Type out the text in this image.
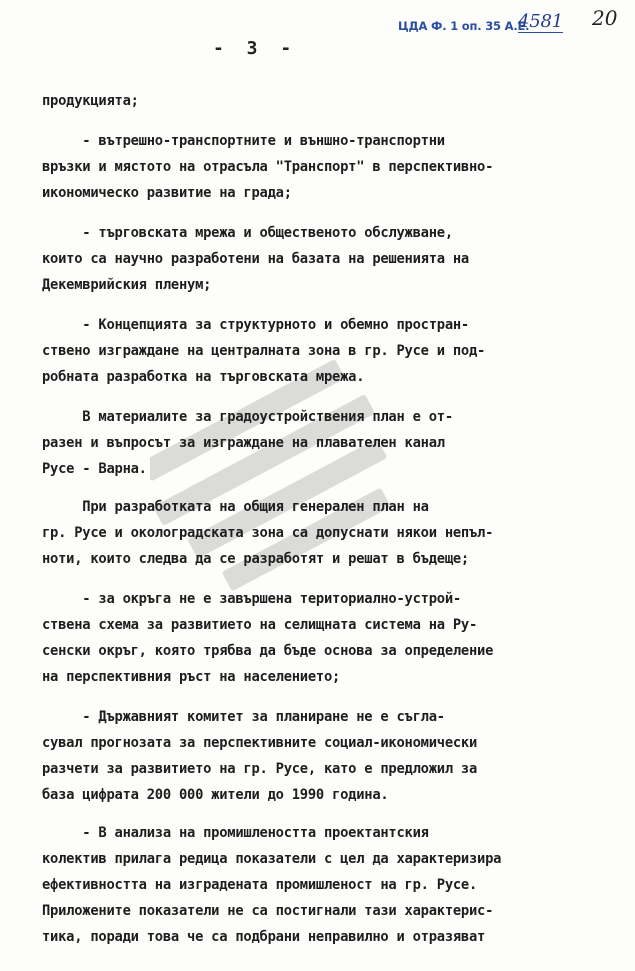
ЦДА Ф. 1 оп. 35 А.Е.
4581 20
- 3 -
продукцията;
- вътрешно-транспортните и външно-транспортни
връзки и мястото на отрасъла "Транспорт" в перспективно-
икономическо развитие на града;
- търговската мрежа и общественото обслужване,
които са научно разработени на базата на решенията на
Декемврийския пленум;
- Концепцията за структурното и обемно простран-
ствено изграждане на централната зона в гр. Русе и под-
робната разработка на търговската мрежа.
В материалите за градоустройствения план е от-
разен и въпросът за изграждане на плавателен канал
Русе - Варна.
При разработката на общия генерален план на
гр. Русе и околоградската зона са допуснати някои непъл-
ноти, които следва да се разработят и решат в бъдеще;
- за окръга не е завършена териториално-устрой-
ствена схема за развитието на селищната система на Ру-
сенски окръг, която трябва да бъде основа за определение
на перспективния ръст на населението;
- Държавният комитет за планиране не е съгла-
сувал прогнозата за перспективните социал-икономически
разчети за развитието на гр. Русе, като е предложил за
база цифрата 200 000 жители до 1990 година.
- В анализа на промишлеността проектантския
колектив прилага редица показатели с цел да характеризира
ефективността на изградената промишленост на гр. Русе.
Приложените показатели не са постигнали тази характерис-
тика, поради това че са подбрани неправилно и отразяват
